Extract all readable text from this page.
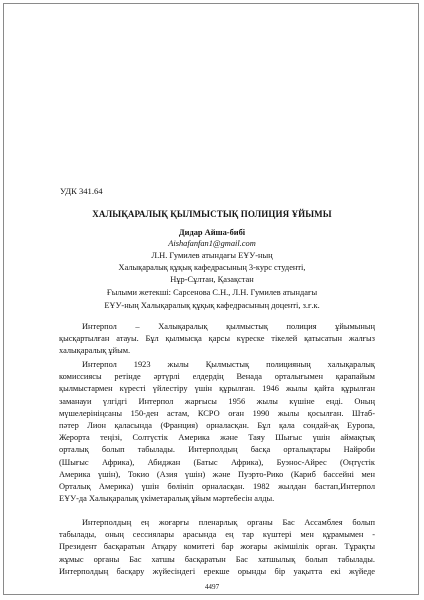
УДК 341.64
ХАЛЫҚАРАЛЫҚ ҚЫЛМЫСТЫҚ ПОЛИЦИЯ ҰЙЫМЫ
Дидар Айша-бибі
Aishafanfan1@gmail.com
Л.Н. Гумилев атындағы ЕҰУ-ның
Халықаралық құқық кафедрасының 3-курс студенті,
Нұр-Сұлтан, Қазақстан
Ғылыми жетекші: Сарсенова С.Н., Л.Н. Гумилев атындағы
ЕҰУ-ның Халықаралық құқық кафедрасының доценті, з.ғ.к.
Интерпол – Халықаралық қылмыстық полиция ұйымының
қысқартылған атауы. Бұл қылмысқа қарсы күреске тікелей қатысатын жалғыз
халықаралық ұйым.
Интерпол 1923 жылы Қылмыстық полицияның халықаралық
комиссиясы ретінде әртүрлі елдердің Венада орталығымен қарапайым
қылмыстармен күресті үйлестіру үшін құрылған. 1946 жылы қайта құрылған
заманауи үлгідгі Интерпол жарғысы 1956 жылы күшіне енді. Оның
мүшелерініңсаны 150-ден астам, КСРО оған 1990 жылы қосылған. Штаб-
пәтер Лион қаласында (Франция) орналасқан. Бұл қала сондай-ақ Еуропа,
Жерорта теңізі, Солтүстік Америка және Таяу Шығыс үшін аймақтық
орталық болып табылады. Интерполдың басқа орталықтары Найроби
(Шығыс Африка), Абиджан (Батыс Африка), Буэнос-Айрес (Оңтүстік
Америка үшін), Токио (Азия үшін) және Пуэрто-Рико (Кариб бассейні мен
Орталық Америка) үшін бөлініп орналасқан. 1982 жылдан бастап,Интерпол
ЕҰУ-да Халықаралық үкіметаралық ұйым мәртебесін алды.
Интерполдың ең жоғарғы пленарлық органы Бас Ассамблея болып
табылады, оның сессиялары арасында ең тар күштері мен құрамымен -
Президент басқаратын Атқару комитеті бар жоғары әкімшілік орган. Тұрақты
жұмыс органы Бас хатшы басқаратын Бас хатшылық болып табылады.
Интерполдың басқару жүйесіндегі ерекше орынды бір уақытта екі жүйеде
4497
